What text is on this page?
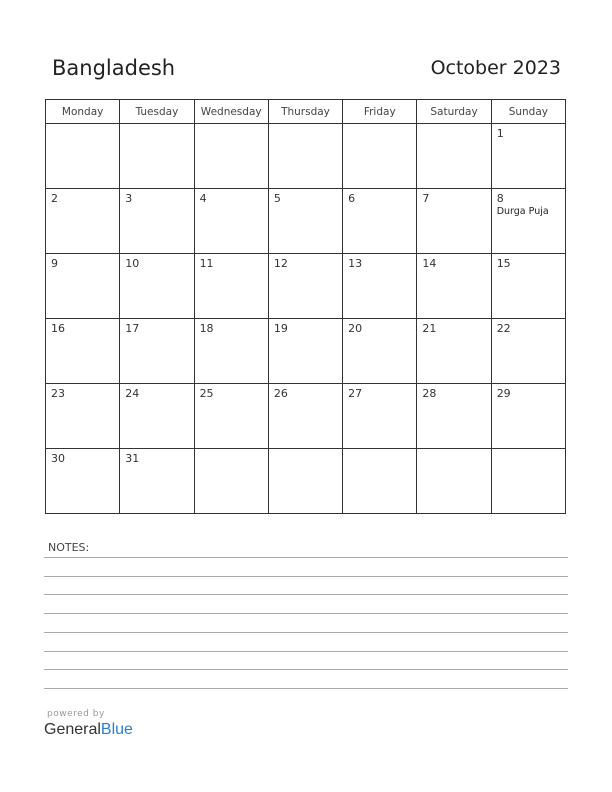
Bangladesh	October 2023
Monday	Tuesday	Wednesday	Thursday	Friday	Saturday	Sunday

						1

2	3	4	5	6	7	8
Durga Puja

9	10	11	12	13	14	15

16	17	18	19	20	21	22

23	24	25	26	27	28	29

30	31					

NOTES:
powered by
GeneralBlue
